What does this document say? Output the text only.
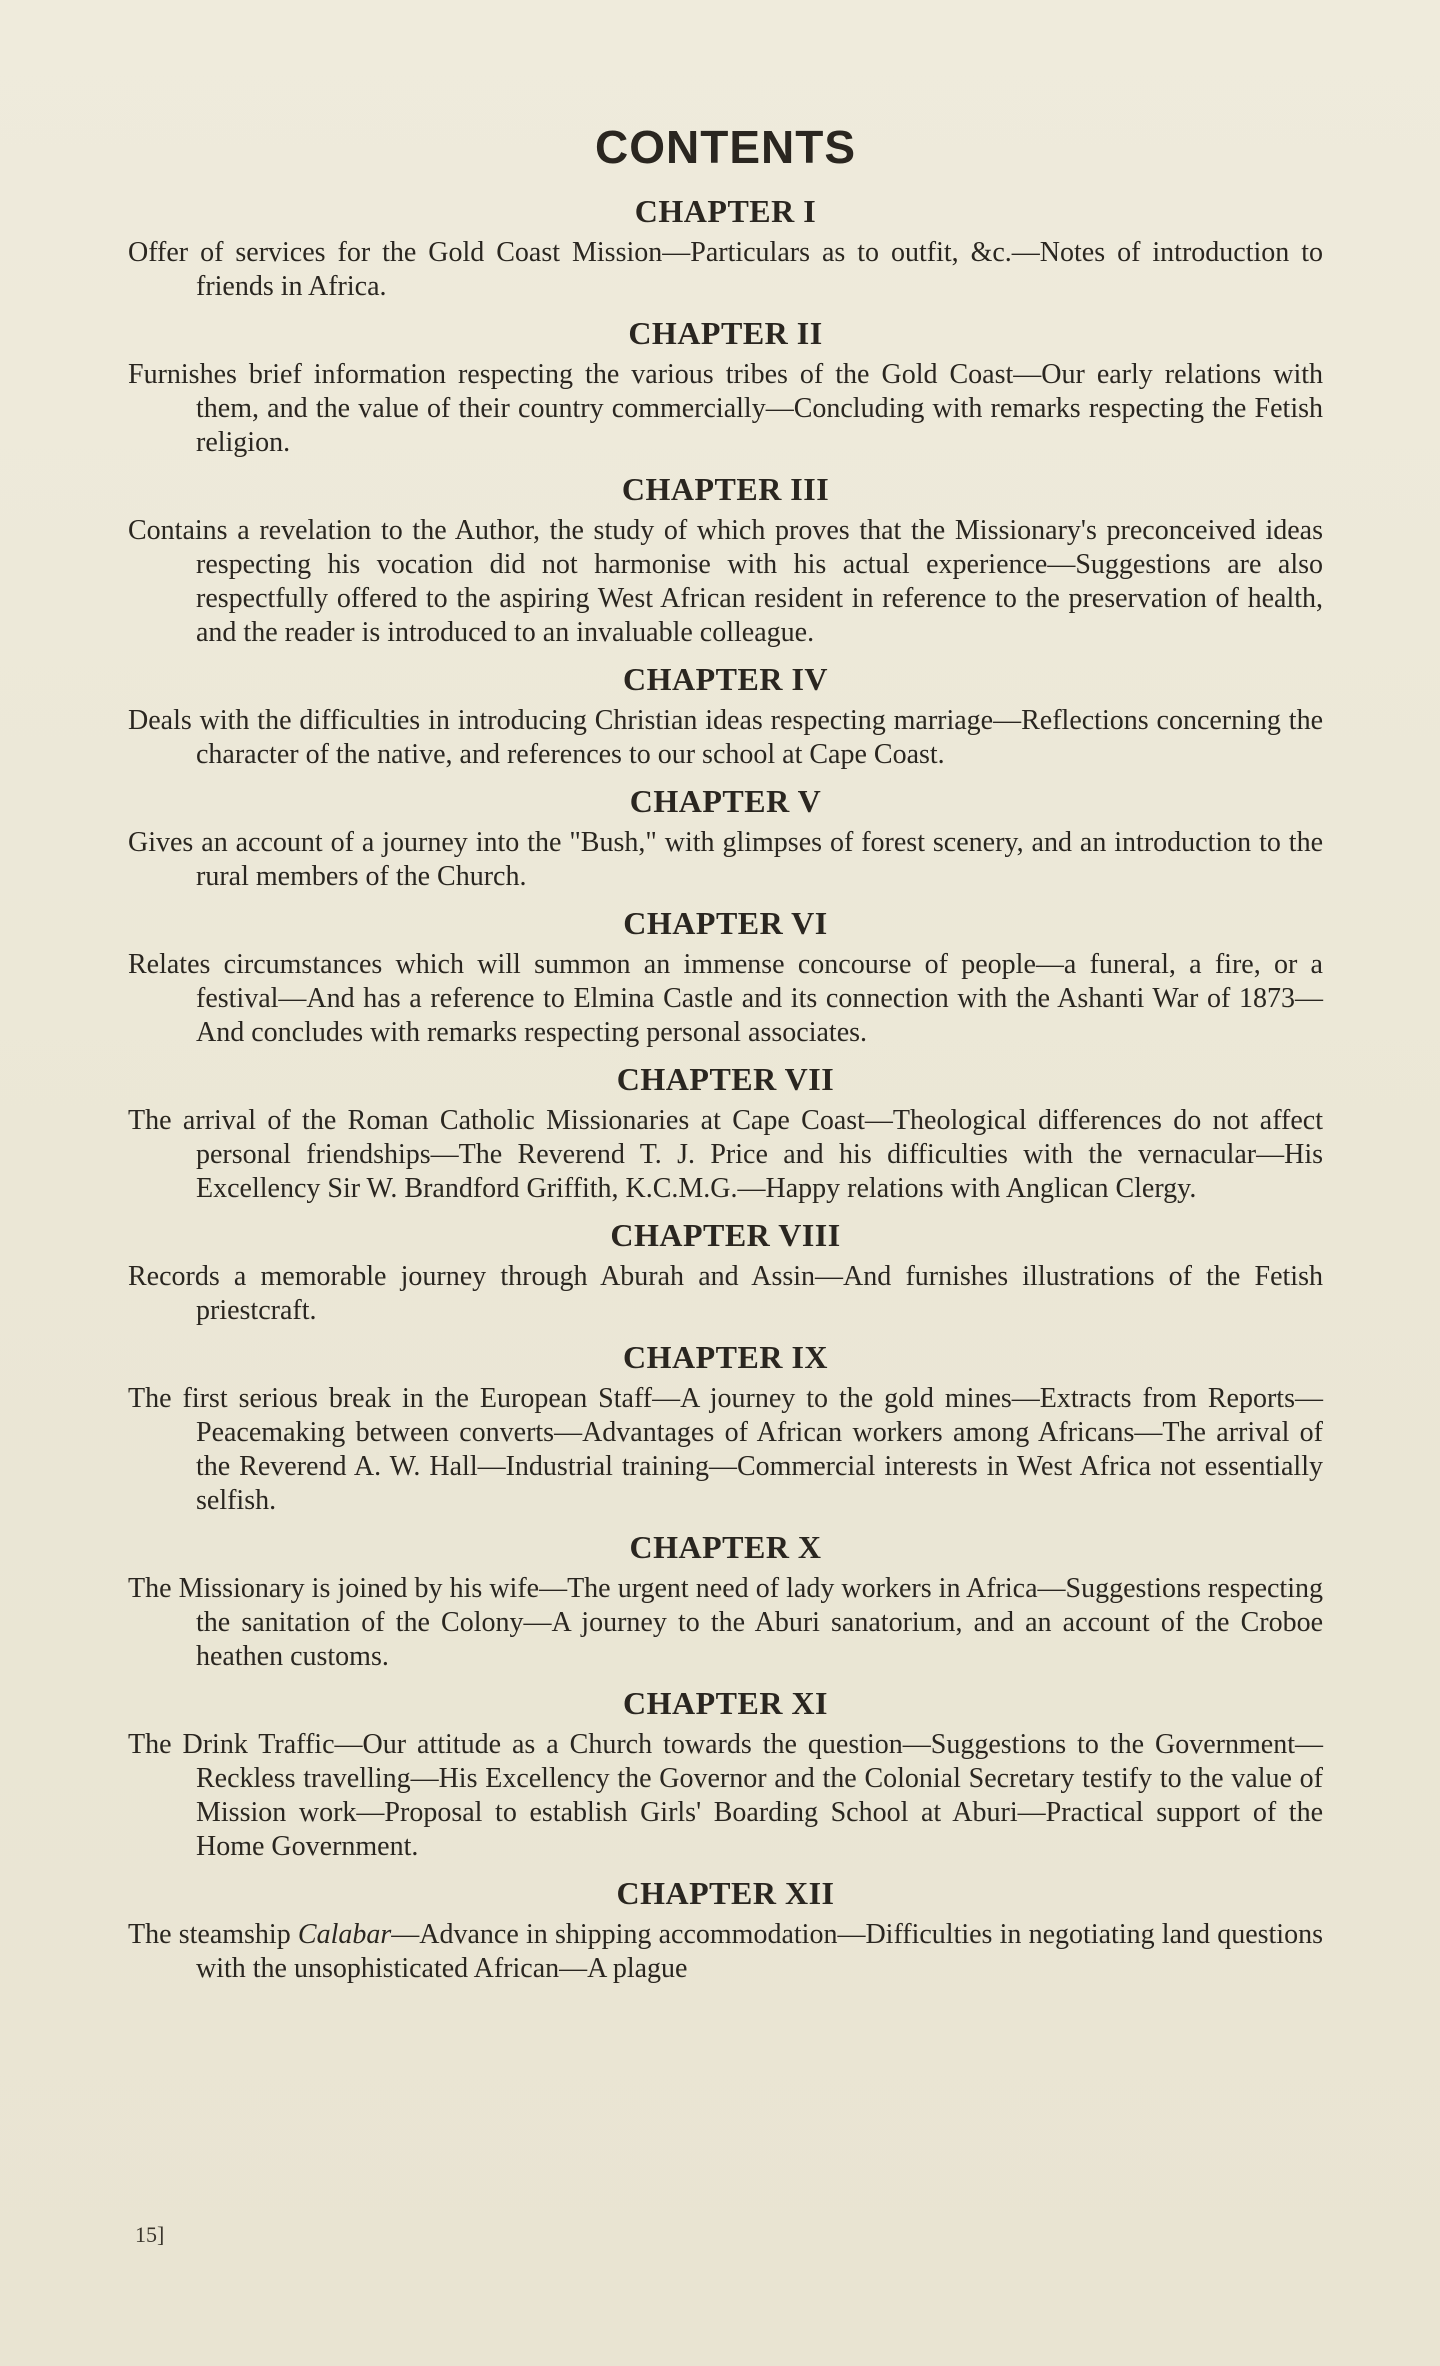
CONTENTS
CHAPTER I

Offer of services for the Gold Coast Mission—Particulars as to outfit, &c.—Notes of introduction to friends in Africa.

CHAPTER II

Furnishes brief information respecting the various tribes of the Gold Coast—Our early relations with them, and the value of their country commercially—Concluding with remarks respecting the Fetish religion.

CHAPTER III

Contains a revelation to the Author, the study of which proves that the Missionary's preconceived ideas respecting his vocation did not harmonise with his actual experience—Suggestions are also respectfully offered to the aspiring West African resident in reference to the preservation of health, and the reader is introduced to an invaluable colleague.

CHAPTER IV

Deals with the difficulties in introducing Christian ideas respecting marriage—Reflections concerning the character of the native, and references to our school at Cape Coast.

CHAPTER V

Gives an account of a journey into the "Bush," with glimpses of forest scenery, and an introduction to the rural members of the Church.

CHAPTER VI

Relates circumstances which will summon an immense concourse of people—a funeral, a fire, or a festival—And has a reference to Elmina Castle and its connection with the Ashanti War of 1873—And concludes with remarks respecting personal associates.

CHAPTER VII

The arrival of the Roman Catholic Missionaries at Cape Coast—Theological differences do not affect personal friendships—The Reverend T. J. Price and his difficulties with the vernacular—His Excellency Sir W. Brandford Griffith, K.C.M.G.—Happy relations with Anglican Clergy.

CHAPTER VIII

Records a memorable journey through Aburah and Assin—And furnishes illustrations of the Fetish priestcraft.

CHAPTER IX

The first serious break in the European Staff—A journey to the gold mines—Extracts from Reports—Peacemaking between converts—Advantages of African workers among Africans—The arrival of the Reverend A. W. Hall—Industrial training—Commercial interests in West Africa not essentially selfish.

CHAPTER X

The Missionary is joined by his wife—The urgent need of lady workers in Africa—Suggestions respecting the sanitation of the Colony—A journey to the Aburi sanatorium, and an account of the Croboe heathen customs.

CHAPTER XI

The Drink Traffic—Our attitude as a Church towards the question—Suggestions to the Government—Reckless travelling—His Excellency the Governor and the Colonial Secretary testify to the value of Mission work—Proposal to establish Girls' Boarding School at Aburi—Practical support of the Home Government.

CHAPTER XII

The steamship Calabar—Advance in shipping accommodation—Difficulties in negotiating land questions with the unsophisticated African—A plague

15]
